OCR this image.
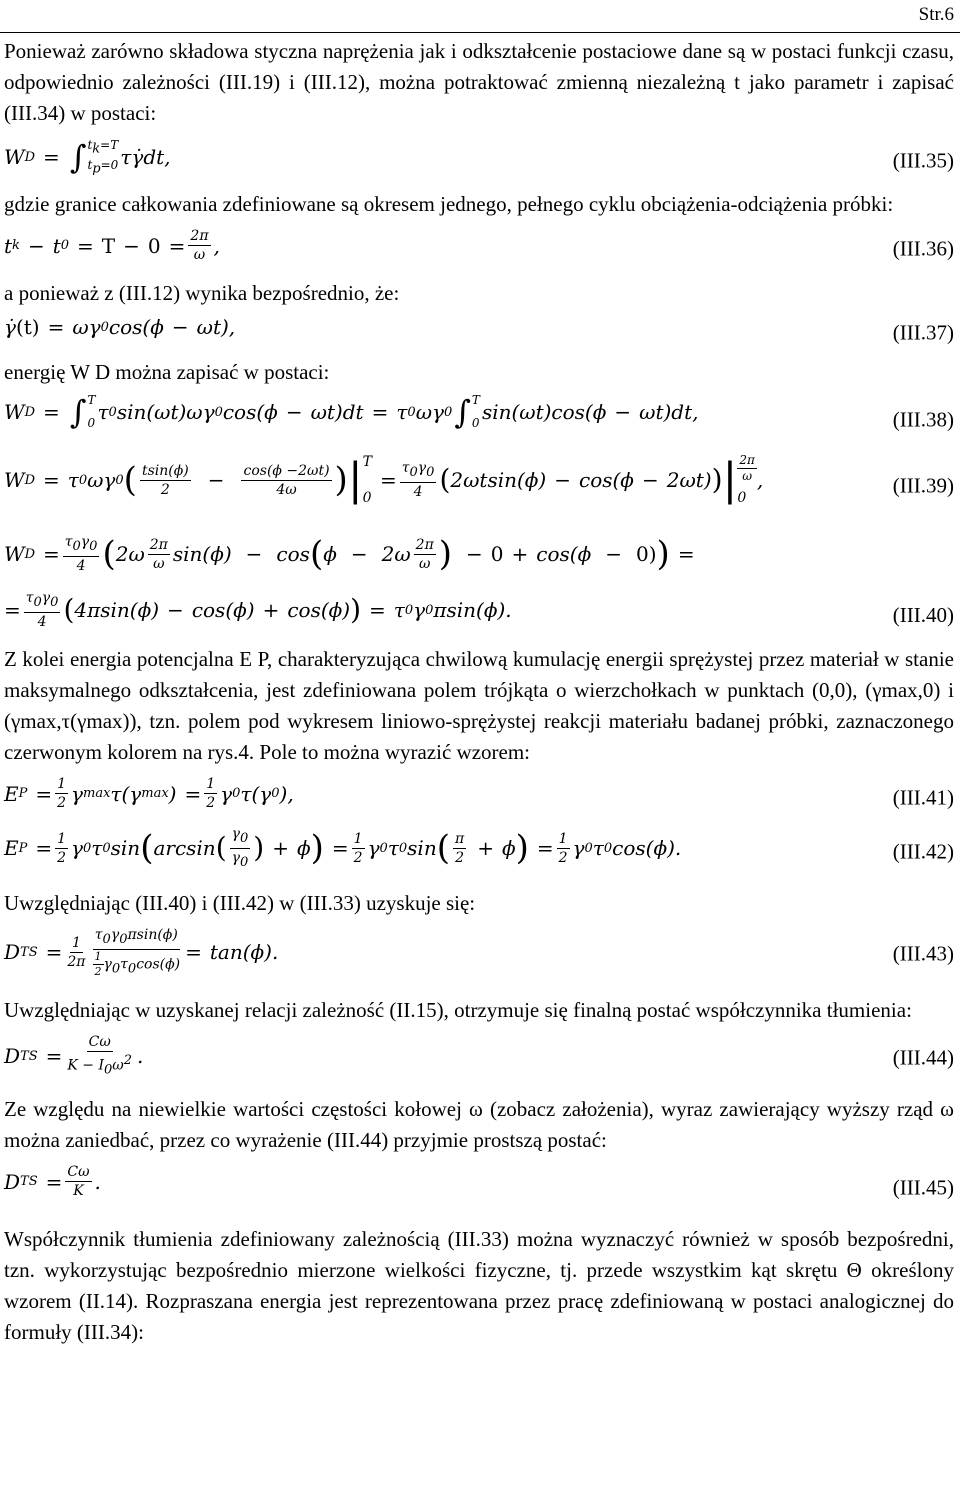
Str.6

Ponieważ zarówno składowa styczna naprężenia jak i odkształcenie postaciowe dane są w postaci funkcji czasu, odpowiednio zależności (III.19) i (III.12), można potraktować zmienną niezależną t jako parametr i zapisać (III.34) w postaci:

W D = ∫ $t_k=T$
$t_p=0$ τγ̇dt,	(III.35)

gdzie granice całkowania zdefiniowane są okresem jednego, pełnego cyklu obciążenia-odciążenia próbki:

t k − t $0 = T - 0 = \frac{2\pi}{\omega}$ ,	(III.36)

a ponieważ z (III.12) wynika bezpośrednio, że:

γ̇ (t) = ωγ 0 cos(ϕ − ωt),	(III.37)

energię W D można zapisać w postaci:

W D = ∫ T
0 τ 0 sin(ωt)ωγ 0 cos(ϕ − ωt)dt = τ 0 ωγ 0 ∫ T
0 sin(ωt)cos(ϕ − ωt)dt,	(III.38)
W D = τ 0 ωγ 0 ( $\frac{tsin(\phi)}{2} - \frac{\cos(\phi -2\omega t)}{4\omega}$ ) | T
0
= $\frac{\tau_0\gamma_0}{4}$ ( 2ωtsin(ϕ) − cos(ϕ − 2ωt) ) | $\frac{2\pi}{\omega}$
0
,	(III.39)
W $D = \frac{\tau_0\gamma_0}{4}$ ( $2\omega \frac{2\pi}{\omega} \sin(\phi) - \cos$ ( $\phi - 2\omega \frac{2\pi}{\omega}$ ) − 0 + cos(ϕ − 0) ) =
= $\frac{\tau_0\gamma_0}{4}$ ( 4πsin(ϕ) − cos(ϕ) + cos(ϕ) ) = τ 0 γ 0 πsin(ϕ).	(III.40)

Z kolei energia potencjalna E P, charakteryzująca chwilową kumulację energii sprężystej przez materiał w stanie maksymalnego odkształcenia, jest zdefiniowana polem trójkąta o wierzchołkach w punktach (0,0), (γmax,0) i (γmax,τ(γmax)), tzn. polem pod wykresem liniowo-sprężystej reakcji materiału badanej próbki, zaznaczonego czerwonym kolorem na rys.4. Pole to można wyrazić wzorem:

E $P = \frac{1}{2}$ γ max τ(γ max ) = $\frac{1}{2}$ γ 0 τ(γ 0 ),	(III.41)
E $P = \frac{1}{2}$ γ 0 τ 0 sin ( arcsin ( $\frac{\gamma_0}{\gamma_0}$ ) + ϕ ) = $\frac{1}{2}$ γ 0 τ 0 sin ( $\frac{\pi}{2} + \phi$ ) = $\frac{1}{2}$ γ 0 τ 0 cos(ϕ).	(III.42)

Uwzględniając (III.40) i (III.42) w (III.33) uzyskuje się:

D TS = $\frac{1}{2\pi} \frac{\tau_0\gamma_0\pi\sin(\phi)}{\frac{1}{2} \gamma_0\tau_0\cos(\phi)} = \tan(\phi)$.	(III.43)

Uwzględniając w uzyskanej relacji zależność (II.15), otrzymuje się finalną postać współczynnika tłumienia:

D TS = $\frac{C\omega}{K - I_0\omega^2}$ .	(III.44)

Ze względu na niewielkie wartości częstości kołowej ω (zobacz założenia), wyraz zawierający wyższy rząd ω można zaniedbać, przez co wyrażenie (III.44) przyjmie prostszą postać:

D TS = $\frac{C\omega}{K}$ .	(III.45)

Współczynnik tłumienia zdefiniowany zależnością (III.33) można wyznaczyć również w sposób bezpośredni, tzn. wykorzystując bezpośrednio mierzone wielkości fizyczne, tj. przede wszystkim kąt skrętu Θ określony wzorem (II.14). Rozpraszana energia jest reprezentowana przez pracę zdefiniowaną w postaci analogicznej do formuły (III.34):
